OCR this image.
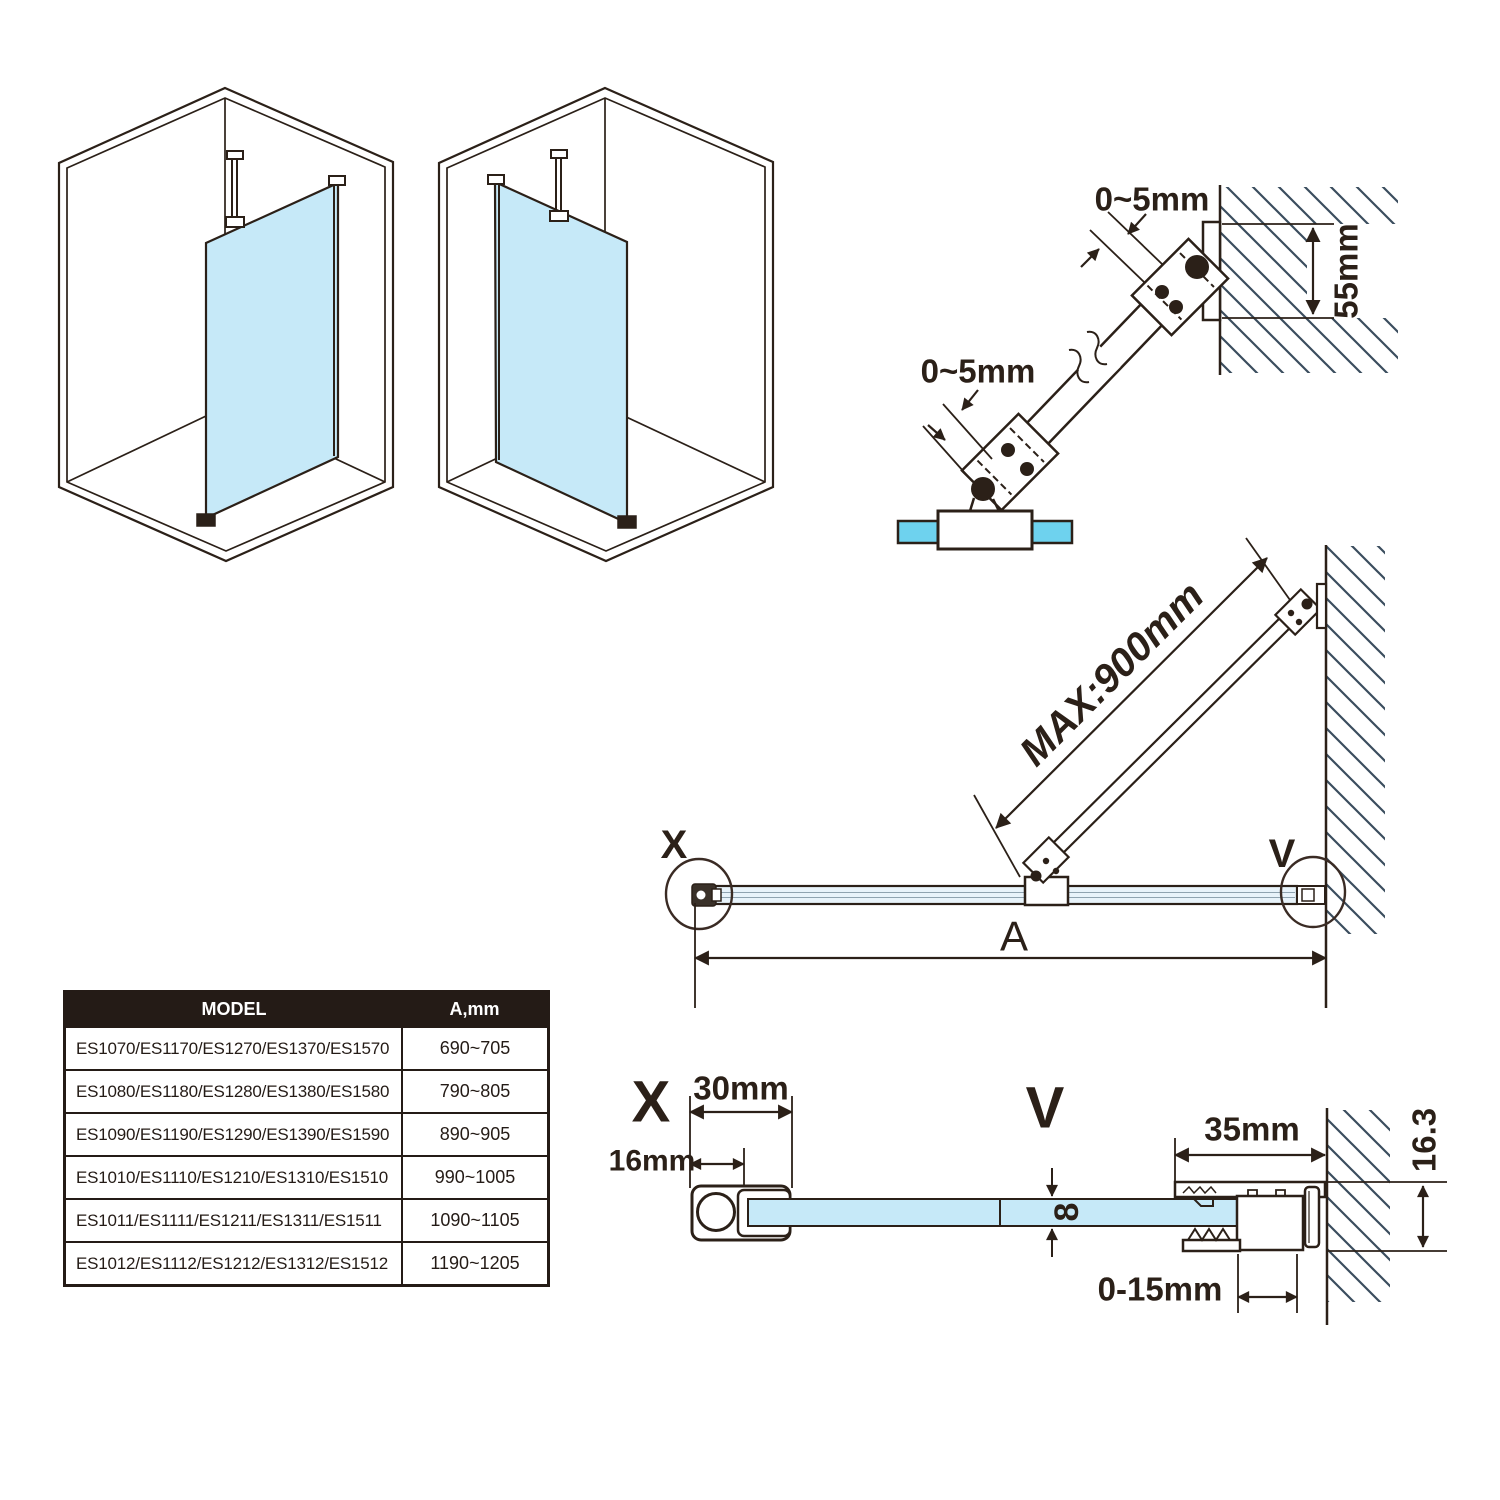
0~5mm
0~5mm
55mm
MAX:900mm
X	V
A
X 30mm
16mm
V
8
35mm	16.3
0-15mm
MODEL	A,mm
ES1070/ES1170/ES1270/ES1370/ES1570	690~705
ES1080/ES1180/ES1280/ES1380/ES1580	790~805
ES1090/ES1190/ES1290/ES1390/ES1590	890~905
ES1010/ES1110/ES1210/ES1310/ES1510	990~1005
ES1011/ES1111/ES1211/ES1311/ES1511	1090~1105
ES1012/ES1112/ES1212/ES1312/ES1512	1190~1205
